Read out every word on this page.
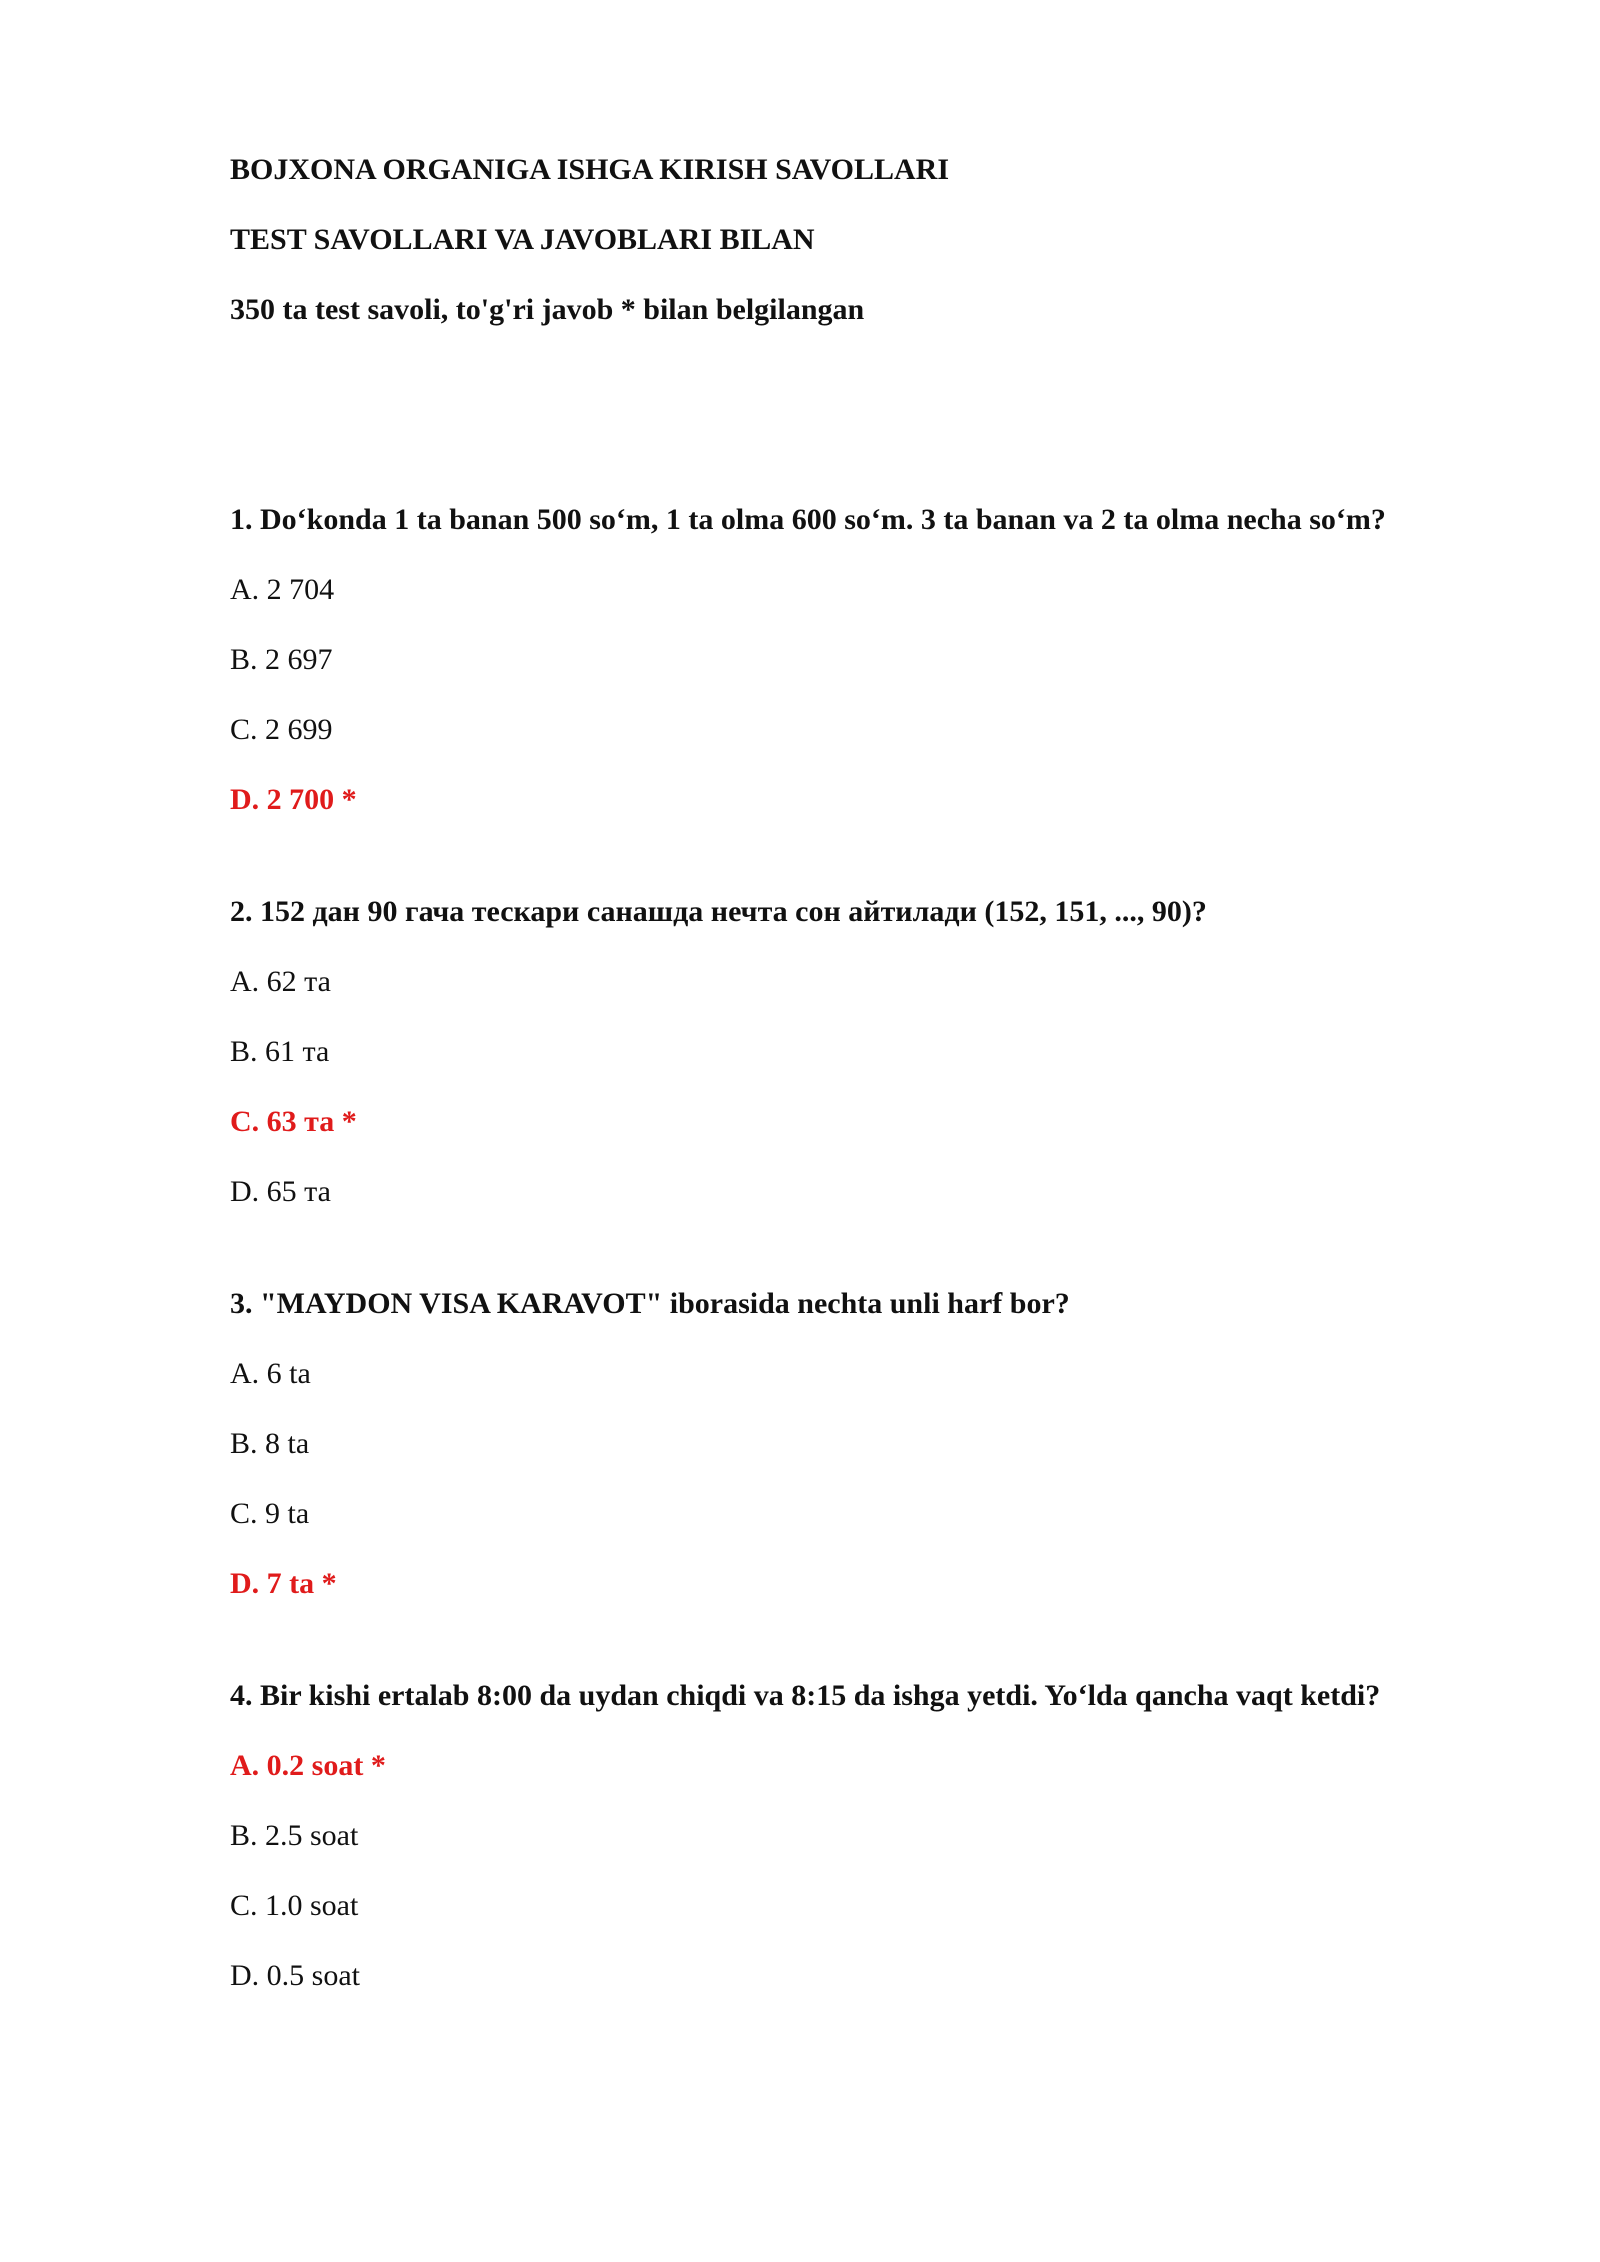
BOJXONA ORGANIGA ISHGA KIRISH SAVOLLARI
TEST SAVOLLARI VA JAVOBLARI BILAN
350 ta test savoli, to'g'ri javob * bilan belgilangan
1. Do‘konda 1 ta banan 500 so‘m, 1 ta olma 600 so‘m. 3 ta banan va 2 ta olma necha so‘m?
A. 2 704
B. 2 697
C. 2 699
D. 2 700 *
2. 152 дан 90 гача тескари санашда нечта сон айтилади (152, 151, ..., 90)?
A. 62 та
B. 61 та
C. 63 та *
D. 65 та
3. "MAYDON VISA KARAVOT" iborasida nechta unli harf bor?
A. 6 ta
B. 8 ta
C. 9 ta
D. 7 ta *
4. Bir kishi ertalab 8:00 da uydan chiqdi va 8:15 da ishga yetdi. Yo‘lda qancha vaqt ketdi?
A. 0.2 soat *
B. 2.5 soat
C. 1.0 soat
D. 0.5 soat
